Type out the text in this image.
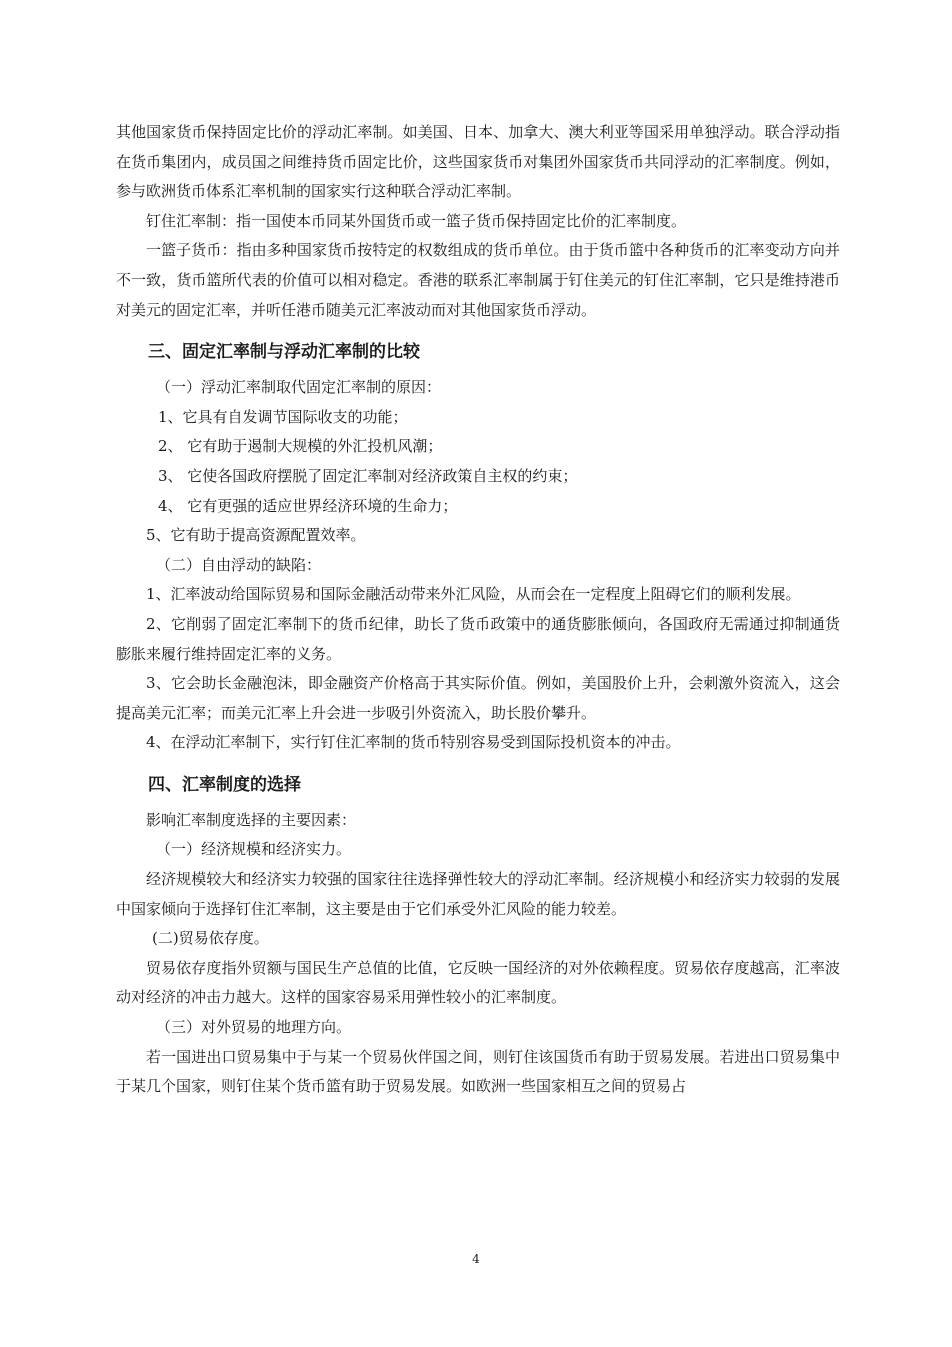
其他国家货币保持固定比价的浮动汇率制。如美国、日本、加拿大、澳大利亚等国采用单独浮动。联合浮动指在货币集团内，成员国之间维持货币固定比价，这些国家货币对集团外国家货币共同浮动的汇率制度。例如，参与欧洲货币体系汇率机制的国家实行这种联合浮动汇率制。

钉住汇率制：指一国使本币同某外国货币或一篮子货币保持固定比价的汇率制度。

一篮子货币：指由多种国家货币按特定的权数组成的货币单位。由于货币篮中各种货币的汇率变动方向并不一致，货币篮所代表的价值可以相对稳定。香港的联系汇率制属于钉住美元的钉住汇率制，它只是维持港币对美元的固定汇率，并听任港币随美元汇率波动而对其他国家货币浮动。

三、固定汇率制与浮动汇率制的比较

（一）浮动汇率制取代固定汇率制的原因：

1、它具有自发调节国际收支的功能；

2、 它有助于遏制大规模的外汇投机风潮；

3、 它使各国政府摆脱了固定汇率制对经济政策自主权的约束；

4、 它有更强的适应世界经济环境的生命力；

5、它有助于提高资源配置效率。

（二）自由浮动的缺陷：

1、汇率波动给国际贸易和国际金融活动带来外汇风险，从而会在一定程度上阻碍它们的顺利发展。

2、它削弱了固定汇率制下的货币纪律，助长了货币政策中的通货膨胀倾向，各国政府无需通过抑制通货膨胀来履行维持固定汇率的义务。

3、它会助长金融泡沫，即金融资产价格高于其实际价值。例如，美国股价上升，会刺激外资流入，这会提高美元汇率；而美元汇率上升会进一步吸引外资流入，助长股价攀升。

4、在浮动汇率制下，实行钉住汇率制的货币特别容易受到国际投机资本的冲击。

四、汇率制度的选择

影响汇率制度选择的主要因素：

（一）经济规模和经济实力。

经济规模较大和经济实力较强的国家往往选择弹性较大的浮动汇率制。经济规模小和经济实力较弱的发展中国家倾向于选择钉住汇率制，这主要是由于它们承受外汇风险的能力较差。

(二)贸易依存度。

贸易依存度指外贸额与国民生产总值的比值，它反映一国经济的对外依赖程度。贸易依存度越高，汇率波动对经济的冲击力越大。这样的国家容易采用弹性较小的汇率制度。

（三）对外贸易的地理方向。

若一国进出口贸易集中于与某一个贸易伙伴国之间，则钉住该国货币有助于贸易发展。若进出口贸易集中于某几个国家，则钉住某个货币篮有助于贸易发展。如欧洲一些国家相互之间的贸易占

4
